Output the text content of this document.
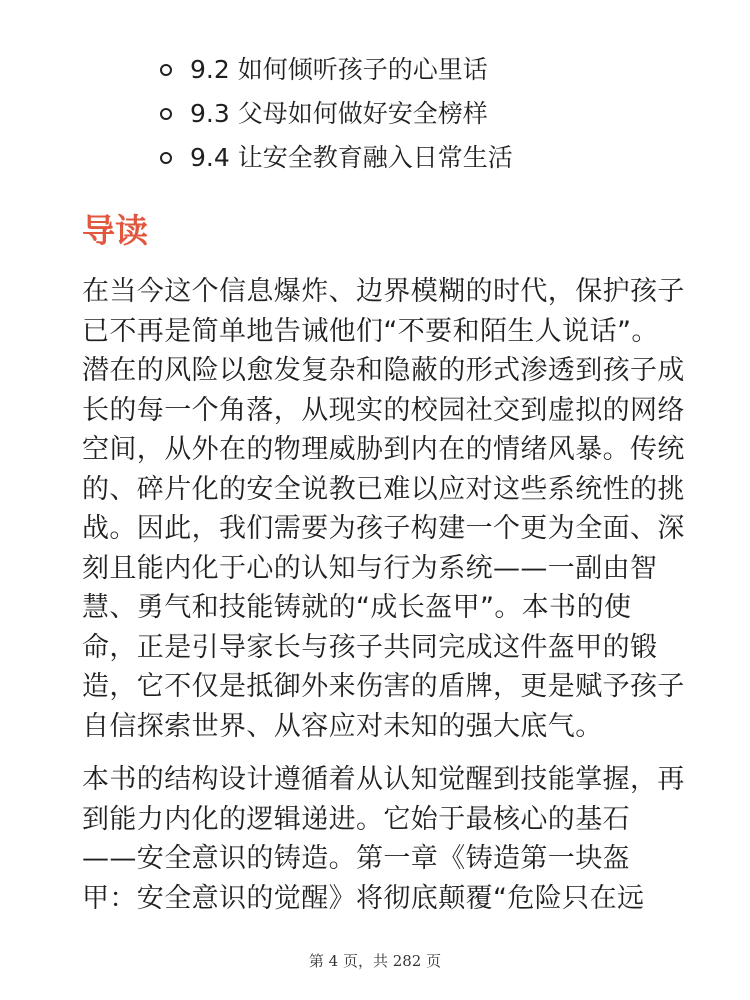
9.2 如何倾听孩子的心里话
9.3 父母如何做好安全榜样
9.4 让安全教育融入日常生活
导读

在当今这个信息爆炸、边界模糊的时代，保护孩子
已不再是简单地告诫他们“不要和陌生人说话”。
潜在的风险以愈发复杂和隐蔽的形式渗透到孩子成
长的每一个角落，从现实的校园社交到虚拟的网络
空间，从外在的物理威胁到内在的情绪风暴。传统
的、碎片化的安全说教已难以应对这些系统性的挑
战。因此，我们需要为孩子构建一个更为全面、深
刻且能内化于心的认知与行为系统——一副由智
慧、勇气和技能铸就的“成长盔甲”。本书的使
命，正是引导家长与孩子共同完成这件盔甲的锻
造，它不仅是抵御外来伤害的盾牌，更是赋予孩子
自信探索世界、从容应对未知的强大底气。

本书的结构设计遵循着从认知觉醒到技能掌握，再
到能力内化的逻辑递进。它始于最核心的基石
——安全意识的铸造。第一章《铸造第一块盔
甲：安全意识的觉醒》将彻底颠覆“危险只在远

第 4 页，共 282 页
